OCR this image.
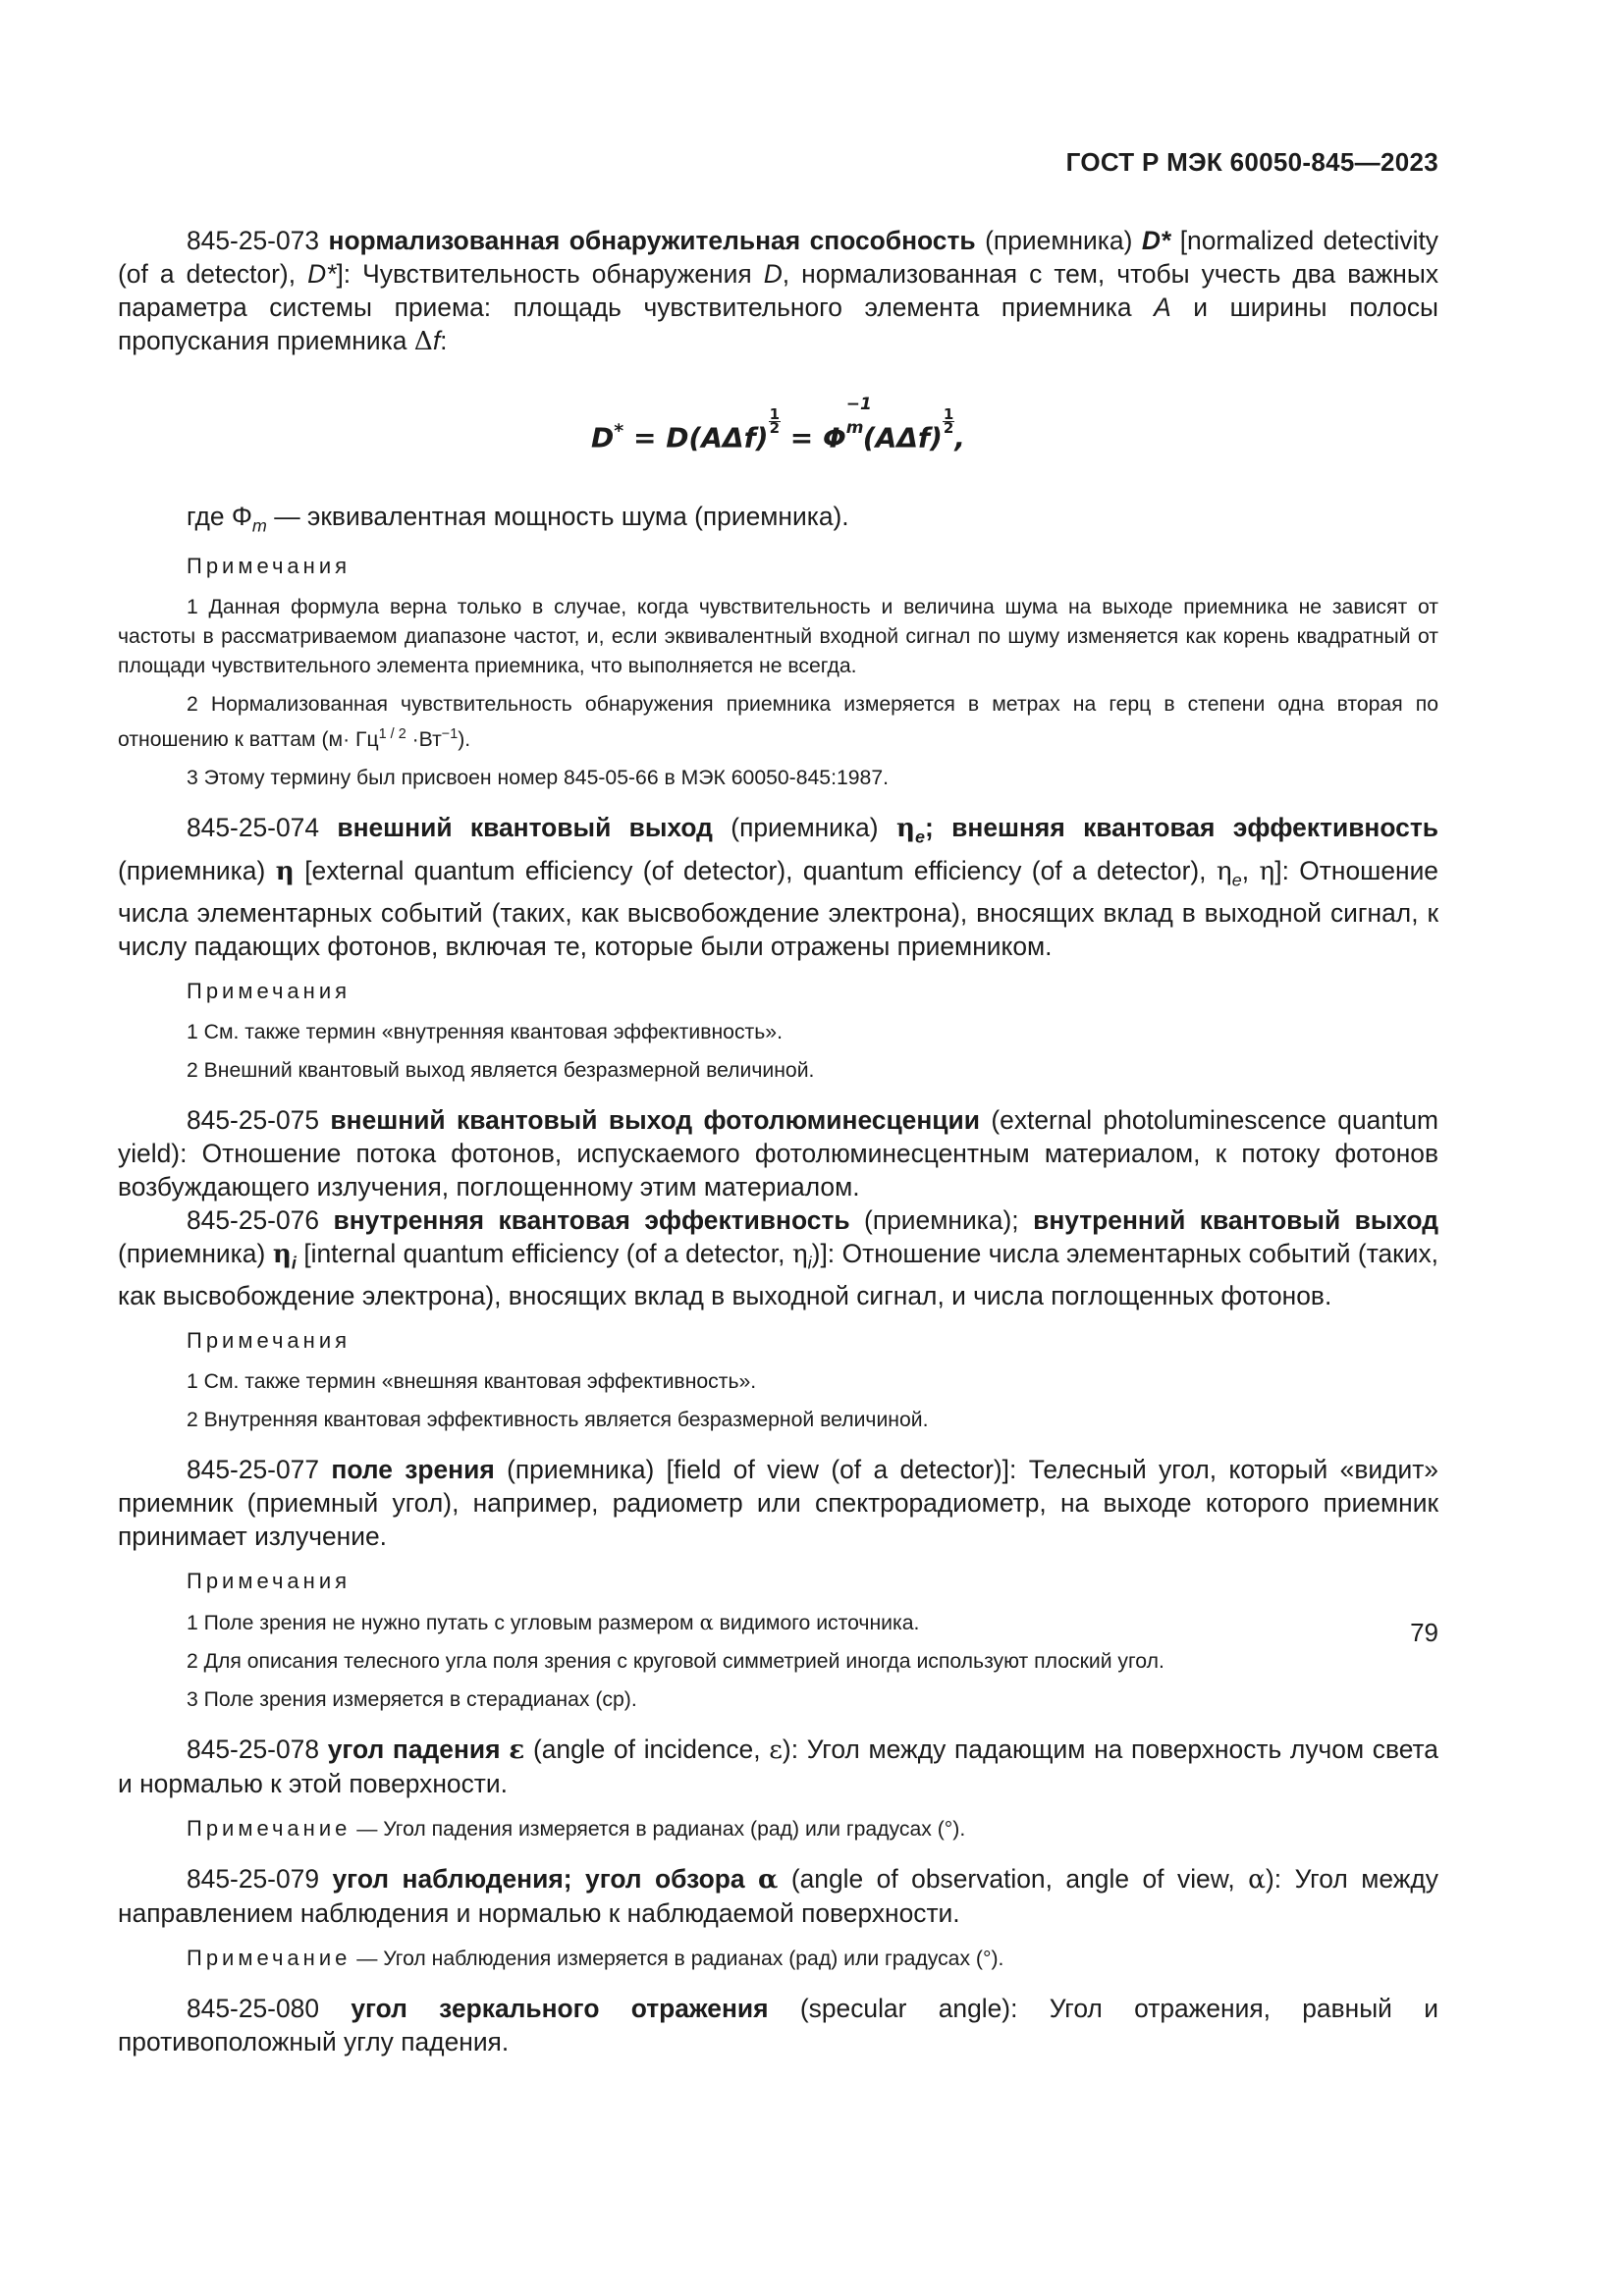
ГОСТ Р МЭК 60050-845—2023

845-25-073 нормализованная обнаружительная способность (приемника) D* [normalized detectivity (of a detector), D*]: Чувствительность обнаружения D, нормализованная с тем, чтобы учесть два важных параметра системы приема: площадь чувствительного элемента приемника A и ширины полосы пропускания приемника Δf:

$D^* = D(A\Delta f) \frac{1}{2} = \Phi$
−1
m
  $(A\Delta f) \frac{1}{2}$ ,

где $\Phi_m$ — эквивалентная мощность шума (приемника).

Примечания

1 Данная формула верна только в случае, когда чувствительность и величина шума на выходе приемника не зависят от частоты в рассматриваемом диапазоне частот, и, если эквивалентный входной сигнал по шуму изменяется как корень квадратный от площади чувствительного элемента приемника, что выполняется не всегда.

2 Нормализованная чувствительность обнаружения приемника измеряется в метрах на герц в степени одна вторая по отношению к ваттам $(м\cdot Гц^{1 / 2} \cdot Вт^{-1})$.

3 Этому термину был присвоен номер 845-05-66 в МЭК 60050-845:1987.

845-25-074 внешний квантовый выход (приемника) $\eta_e$; внешняя квантовая эффективность (приемника) η [external quantum efficiency (of detector), quantum efficiency (of a detector), $\eta_e$, η]: Отношение числа элементарных событий (таких, как высвобождение электрона), вносящих вклад в выходной сигнал, к числу падающих фотонов, включая те, которые были отражены приемником.

Примечания

1 См. также термин «внутренняя квантовая эффективность».

2 Внешний квантовый выход является безразмерной величиной.

845-25-075 внешний квантовый выход фотолюминесценции (external photoluminescence quantum yield): Отношение потока фотонов, испускаемого фотолюминесцентным материалом, к потоку фотонов возбуждающего излучения, поглощенному этим материалом.

845-25-076 внутренняя квантовая эффективность (приемника); внутренний квантовый выход (приемника) $\eta_i$ [internal quantum efficiency (of a detector, $\eta_i$)]: Отношение числа элементарных событий (таких, как высвобождение электрона), вносящих вклад в выходной сигнал, и числа поглощенных фотонов.

Примечания

1 См. также термин «внешняя квантовая эффективность».

2 Внутренняя квантовая эффективность является безразмерной величиной.

845-25-077 поле зрения (приемника) [field of view (of a detector)]: Телесный угол, который «видит» приемник (приемный угол), например, радиометр или спектрорадиометр, на выходе которого приемник принимает излучение.

Примечания

1 Поле зрения не нужно путать с угловым размером α видимого источника.

2 Для описания телесного угла поля зрения с круговой симметрией иногда используют плоский угол.

3 Поле зрения измеряется в стерадианах (ср).

845-25-078 угол падения ε (angle of incidence, ε): Угол между падающим на поверхность лучом света и нормалью к этой поверхности.

Примечание — Угол падения измеряется в радианах (рад) или градусах (°).

845-25-079 угол наблюдения; угол обзора α (angle of observation, angle of view, α): Угол между направлением наблюдения и нормалью к наблюдаемой поверхности.

Примечание — Угол наблюдения измеряется в радианах (рад) или градусах (°).

845-25-080 угол зеркального отражения (specular angle): Угол отражения, равный и противоположный углу падения.

79
